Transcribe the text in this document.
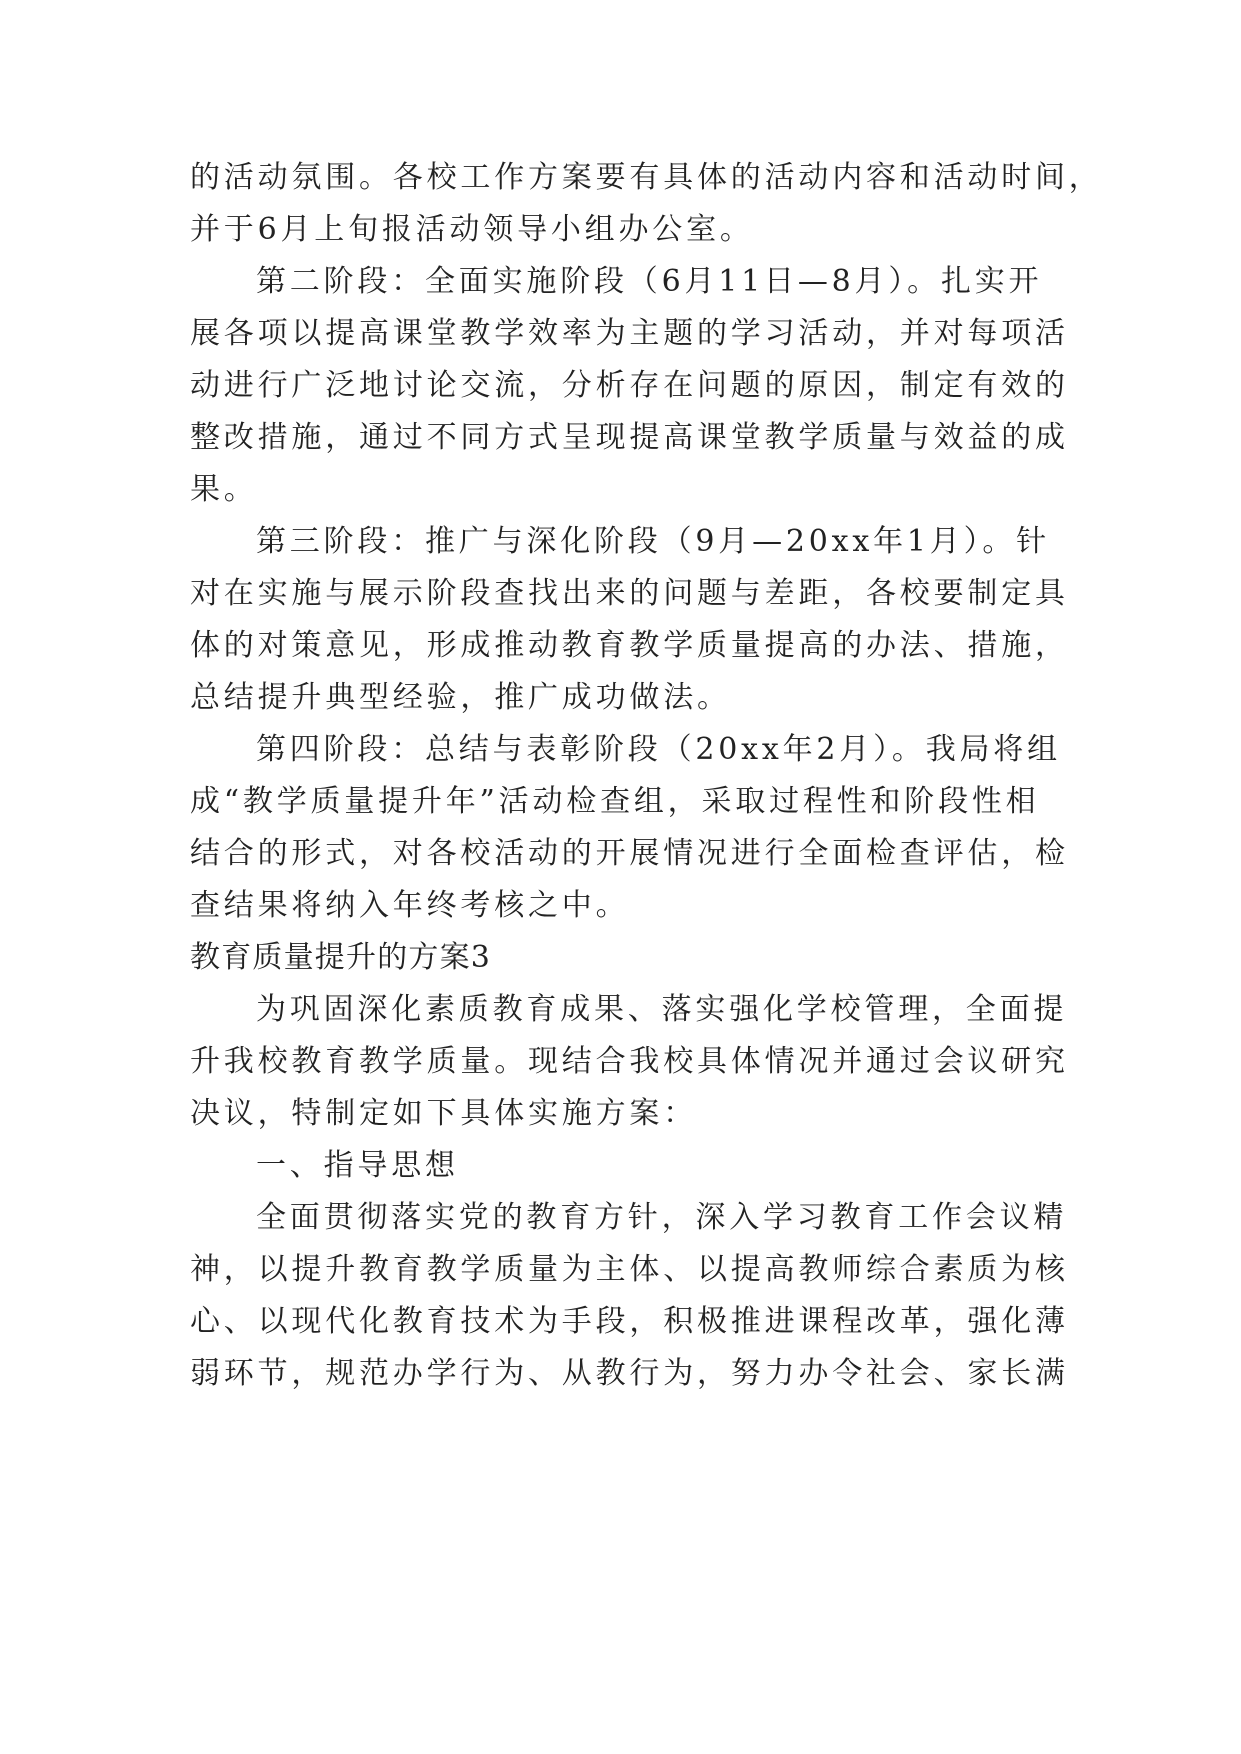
的活动氛围。各校工作方案要有具体的活动内容和活动时间，
并于6月上旬报活动领导小组办公室。
第二阶段：全面实施阶段（6月11日—8月）。扎实开
展各项以提高课堂教学效率为主题的学习活动，并对每项活
动进行广泛地讨论交流，分析存在问题的原因，制定有效的
整改措施，通过不同方式呈现提高课堂教学质量与效益的成
果。
第三阶段：推广与深化阶段（9月—20xx年1月）。针
对在实施与展示阶段查找出来的问题与差距，各校要制定具
体的对策意见，形成推动教育教学质量提高的办法、措施，
总结提升典型经验，推广成功做法。
第四阶段：总结与表彰阶段（20xx年2月）。我局将组
成“教学质量提升年”活动检查组，采取过程性和阶段性相
结合的形式，对各校活动的开展情况进行全面检查评估，检
查结果将纳入年终考核之中。
教育质量提升的方案3
为巩固深化素质教育成果、落实强化学校管理，全面提
升我校教育教学质量。现结合我校具体情况并通过会议研究
决议，特制定如下具体实施方案：
一、指导思想
全面贯彻落实党的教育方针，深入学习教育工作会议精
神，以提升教育教学质量为主体、以提高教师综合素质为核
心、以现代化教育技术为手段，积极推进课程改革，强化薄
弱环节，规范办学行为、从教行为，努力办令社会、家长满
